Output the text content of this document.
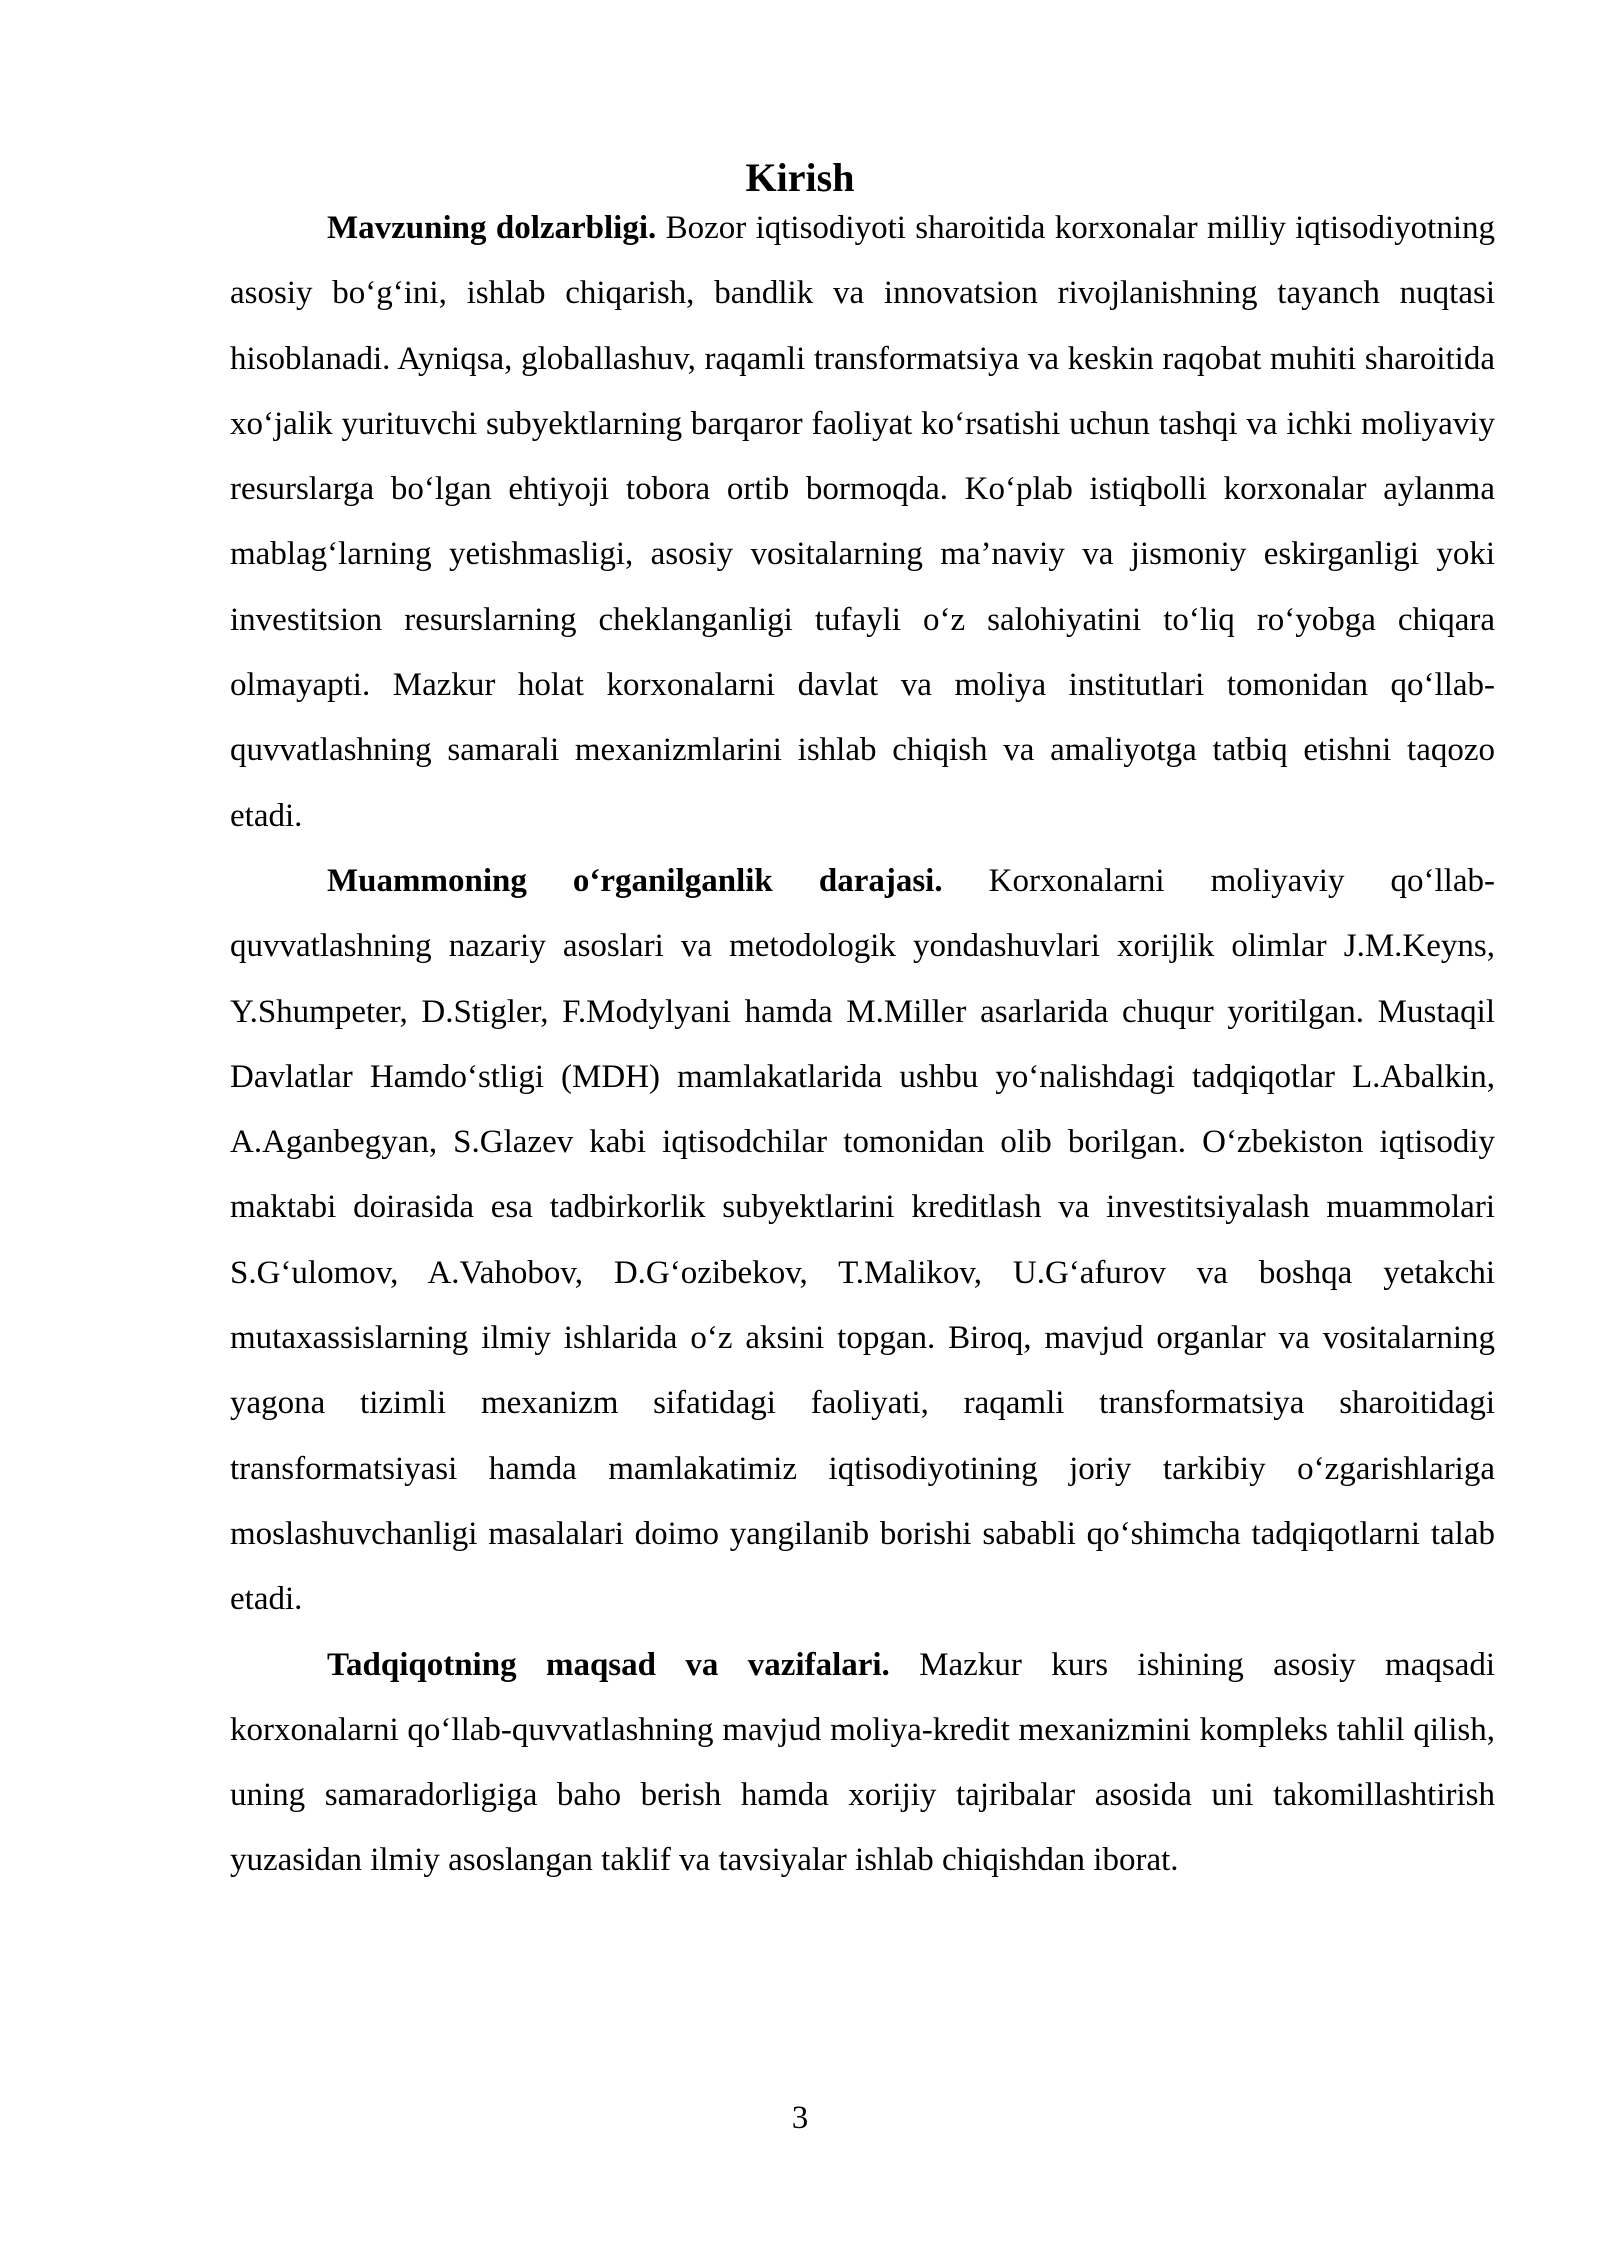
Kirish

Mavzuning dolzarbligi. Bozor iqtisodiyoti sharoitida korxonalar milliy iqtisodiyotning asosiy bo‘g‘ini, ishlab chiqarish, bandlik va innovatsion rivojlanishning tayanch nuqtasi hisoblanadi. Ayniqsa, globallashuv, raqamli transformatsiya va keskin raqobat muhiti sharoitida xo‘jalik yurituvchi subyektlarning barqaror faoliyat ko‘rsatishi uchun tashqi va ichki moliyaviy resurslarga bo‘lgan ehtiyoji tobora ortib bormoqda. Ko‘plab istiqbolli korxonalar aylanma mablag‘larning yetishmasligi, asosiy vositalarning ma’naviy va jismoniy eskirganligi yoki investitsion resurslarning cheklanganligi tufayli o‘z salohiyatini to‘liq ro‘yobga chiqara olmayapti. Mazkur holat korxonalarni davlat va moliya institutlari tomonidan qo‘llab-quvvatlashning samarali mexanizmlarini ishlab chiqish va amaliyotga tatbiq etishni taqozo etadi.

Muammoning o‘rganilganlik darajasi. Korxonalarni moliyaviy qo‘llab-quvvatlashning nazariy asoslari va metodologik yondashuvlari xorijlik olimlar J.M.Keyns, Y.Shumpeter, D.Stigler, F.Modylyani hamda M.Miller asarlarida chuqur yoritilgan. Mustaqil Davlatlar Hamdo‘stligi (MDH) mamlakatlarida ushbu yo‘nalishdagi tadqiqotlar L.Abalkin, A.Aganbegyan, S.Glazev kabi iqtisodchilar tomonidan olib borilgan. O‘zbekiston iqtisodiy maktabi doirasida esa tadbirkorlik subyektlarini kreditlash va investitsiyalash muammolari S.G‘ulomov, A.Vahobov, D.G‘ozibekov, T.Malikov, U.G‘afurov va boshqa yetakchi mutaxassislarning ilmiy ishlarida o‘z aksini topgan. Biroq, mavjud organlar va vositalarning yagona tizimli mexanizm sifatidagi faoliyati, raqamli transformatsiya sharoitidagi transformatsiyasi hamda mamlakatimiz iqtisodiyotining joriy tarkibiy o‘zgarishlariga moslashuvchanligi masalalari doimo yangilanib borishi sababli qo‘shimcha tadqiqotlarni talab etadi.

Tadqiqotning maqsad va vazifalari. Mazkur kurs ishining asosiy maqsadi korxonalarni qo‘llab-quvvatlashning mavjud moliya-kredit mexanizmini kompleks tahlil qilish, uning samaradorligiga baho berish hamda xorijiy tajribalar asosida uni takomillashtirish yuzasidan ilmiy asoslangan taklif va tavsiyalar ishlab chiqishdan iborat.

3
